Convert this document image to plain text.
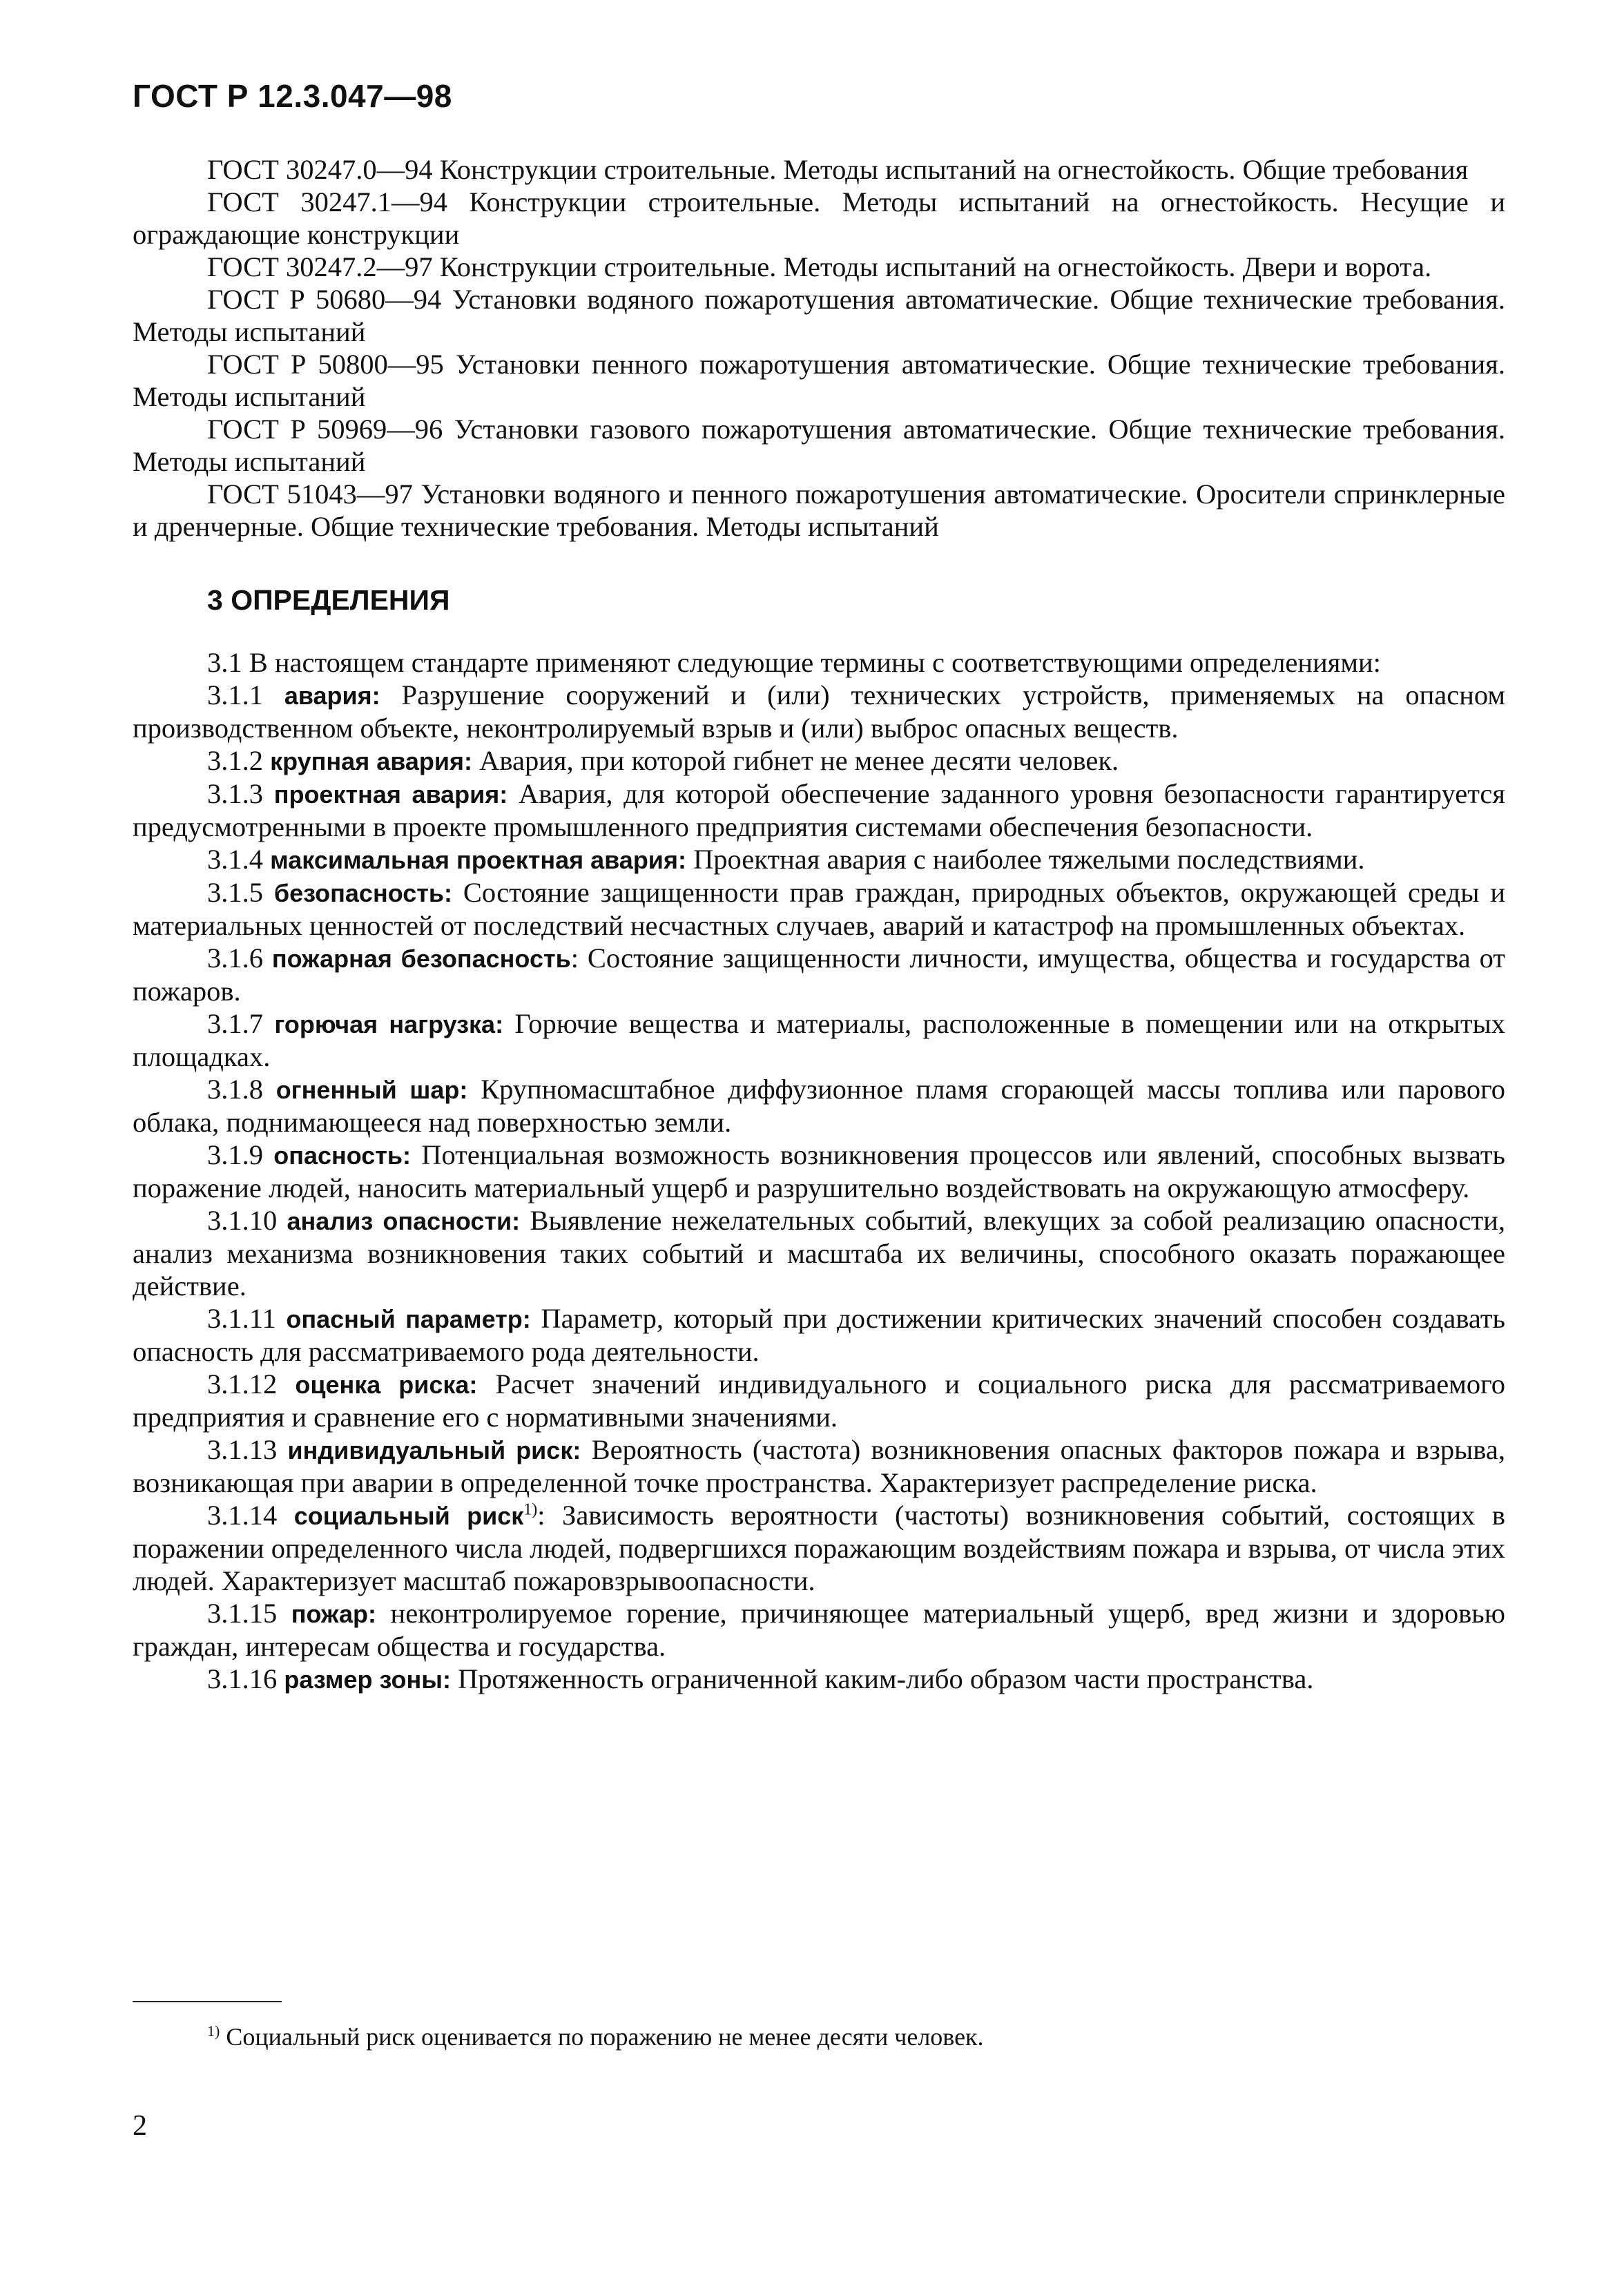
ГОСТ Р 12.3.047—98

ГОСТ 30247.0—94 Конструкции строительные. Методы испытаний на огнестойкость. Общие требования

ГОСТ 30247.1—94 Конструкции строительные. Методы испытаний на огнестойкость. Несущие и ограждающие конструкции

ГОСТ 30247.2—97 Конструкции строительные. Методы испытаний на огнестойкость. Двери и ворота.

ГОСТ Р 50680—94 Установки водяного пожаротушения автоматические. Общие технические требования. Методы испытаний

ГОСТ Р 50800—95 Установки пенного пожаротушения автоматические. Общие технические требования. Методы испытаний

ГОСТ Р 50969—96 Установки газового пожаротушения автоматические. Общие технические требования. Методы испытаний

ГОСТ 51043—97 Установки водяного и пенного пожаротушения автоматические. Оросители спринклерные и дренчерные. Общие технические требования. Методы испытаний

3 ОПРЕДЕЛЕНИЯ

3.1 В настоящем стандарте применяют следующие термины с соответствующими определениями:

3.1.1 авария: Разрушение сооружений и (или) технических устройств, применяемых на опасном производственном объекте, неконтролируемый взрыв и (или) выброс опасных веществ.

3.1.2 крупная авария: Авария, при которой гибнет не менее десяти человек.

3.1.3 проектная авария: Авария, для которой обеспечение заданного уровня безопасности гарантируется предусмотренными в проекте промышленного предприятия системами обеспечения безопасности.

3.1.4 максимальная проектная авария: Проектная авария с наиболее тяжелыми последствиями.

3.1.5 безопасность: Состояние защищенности прав граждан, природных объектов, окружающей среды и материальных ценностей от последствий несчастных случаев, аварий и катастроф на промышленных объектах.

3.1.6 пожарная безопасность: Состояние защищенности личности, имущества, общества и государства от пожаров.

3.1.7 горючая нагрузка: Горючие вещества и материалы, расположенные в помещении или на открытых площадках.

3.1.8 огненный шар: Крупномасштабное диффузионное пламя сгорающей массы топлива или парового облака, поднимающееся над поверхностью земли.

3.1.9 опасность: Потенциальная возможность возникновения процессов или явлений, способных вызвать поражение людей, наносить материальный ущерб и разрушительно воздействовать на окружающую атмосферу.

3.1.10 анализ опасности: Выявление нежелательных событий, влекущих за собой реализацию опасности, анализ механизма возникновения таких событий и масштаба их величины, способного оказать поражающее действие.

3.1.11 опасный параметр: Параметр, который при достижении критических значений способен создавать опасность для рассматриваемого рода деятельности.

3.1.12 оценка риска: Расчет значений индивидуального и социального риска для рассматриваемого предприятия и сравнение его с нормативными значениями.

3.1.13 индивидуальный риск: Вероятность (частота) возникновения опасных факторов пожара и взрыва, возникающая при аварии в определенной точке пространства. Характеризует распределение риска.

3.1.14 социальный риск$^{1)}$: Зависимость вероятности (частоты) возникновения событий, состоящих в поражении определенного числа людей, подвергшихся поражающим воздействиям пожара и взрыва, от числа этих людей. Характеризует масштаб пожаровзрывоопасности.

3.1.15 пожар: неконтролируемое горение, причиняющее материальный ущерб, вред жизни и здоровью граждан, интересам общества и государства.

3.1.16 размер зоны: Протяженность ограниченной каким-либо образом части пространства.

$^{1)}$ Социальный риск оценивается по поражению не менее десяти человек.

2
